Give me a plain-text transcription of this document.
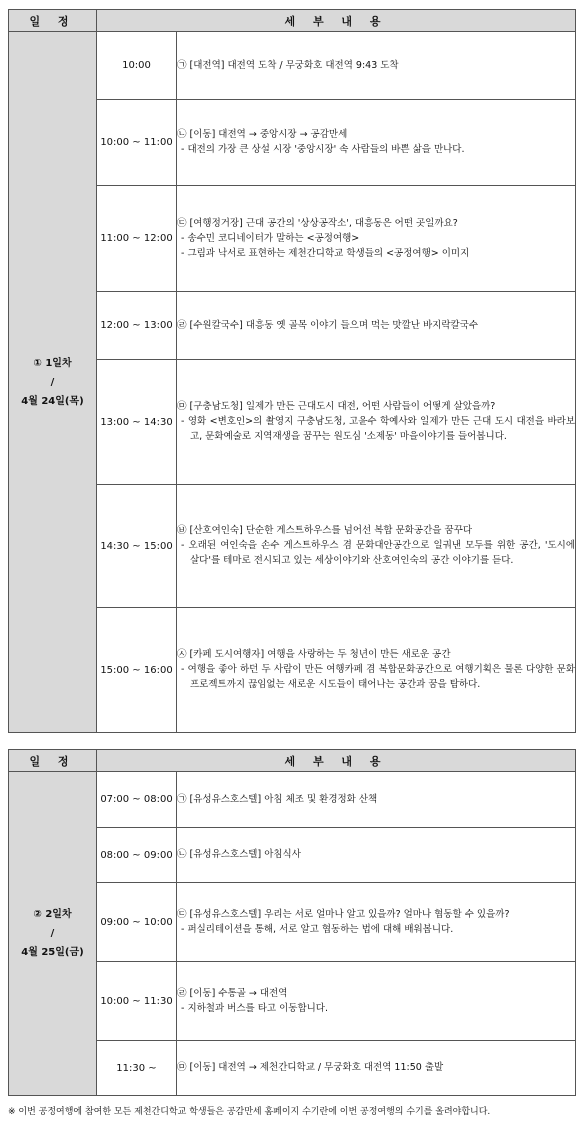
일 정	세 부 내 용	

① 1일차
/
4월 24일(목)	10:00	㉠ [대전역] 대전역 도착 / 무궁화호 대전역 9:43 도착

	10:00 ~ 11:00	㉡ [이동] 대전역 → 중앙시장 → 공감만세
- 대전의 가장 큰 상설 시장 '중앙시장' 속 사람들의 바쁜 삶을 만나다.

	11:00 ~ 12:00	㉢ [여행정거장] 근대 공간의 '상상공작소', 대흥동은 어떤 곳일까요?
- 송수민 코디네이터가 말하는 <공정여행>
- 그림과 낙서로 표현하는 제천간디학교 학생들의 <공정여행> 이미지

	12:00 ~ 13:00	㉣ [수원칼국수] 대흥동 옛 골목 이야기 들으며 먹는 맛깔난 바지락칼국수

	13:00 ~ 14:30	㉤ [구충남도청] 일제가 만든 근대도시 대전, 어떤 사람들이 어떻게 살았을까?
- 영화 <변호인>의 촬영지 구충남도청, 고윤수 학예사와 일제가 만든 근대 도시 대전을 바라보고, 문화예술로 지역재생을 꿈꾸는 원도심 '소제동' 마을이야기를 들어봅니다.

	14:30 ~ 15:00	㉥ [산호여인숙] 단순한 게스트하우스를 넘어선 복합 문화공간을 꿈꾸다
- 오래된 여인숙을 손수 게스트하우스 겸 문화대안공간으로 일궈낸 모두를 위한 공간, '도시에 살다'를 테마로 전시되고 있는 세상이야기와 산호여인숙의 공간 이야기를 듣다.

	15:00 ~ 16:00	㉦ [카페 도시여행자] 여행을 사랑하는 두 청년이 만든 새로운 공간
- 여행을 좋아 하던 두 사람이 만든 여행카페 겸 복합문화공간으로 여행기획은 물론 다양한 문화 프로젝트까지 끊임없는 새로운 시도들이 태어나는 공간과 꿈을 탐하다.
일 정	세 부 내 용	

② 2일차
/
4월 25일(금)	07:00 ~ 08:00	㉠ [유성유스호스텔] 아침 체조 및 환경정화 산책

	08:00 ~ 09:00	㉡ [유성유스호스텔] 아침식사

	09:00 ~ 10:00	㉢ [유성유스호스텔] 우리는 서로 얼마나 알고 있을까? 얼마나 협동할 수 있을까?
- 퍼실리테이션을 통해, 서로 알고 협동하는 법에 대해 배워봅니다.

	10:00 ~ 11:30	㉣ [이동] 수통골 → 대전역
- 지하철과 버스를 타고 이동합니다.

	11:30 ~	㉤ [이동] 대전역 → 제천간디학교 / 무궁화호 대전역 11:50 출발
※ 이번 공정여행에 참여한 모든 제천간디학교 학생들은 공감만세 홈페이지 수기란에 이번 공정여행의 수기를 올려야합니다.
